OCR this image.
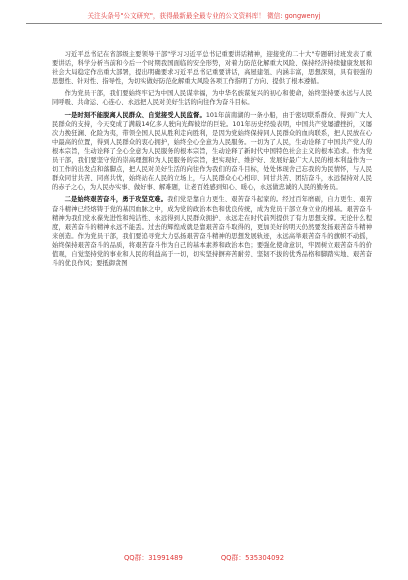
关注头条号"公文研究"，获得最新最全最专业的公文资料库！ 微信: gongwenyj

习近平总书记在省部级主要领导干部"学习习近平总书记重要讲话精神，迎接党的二十大"专题研讨班发表了重要讲话，科学分析当前和今后一个时期我国面临的安全形势，对着力防范化解重大风险、保持经济持续健康发展和社会大局稳定作出重大部署，提出明确要求习近平总书记重要讲话，高屋建瓴、内涵丰富，思想深刻，具有很强的思想性、针对性、指导性，为切实做好防范化解重大风险各项工作指明了方向、提供了根本遵循。

作为党员干部，我们要始终牢记为中国人民谋幸福，为中华名族谋复兴的初心和使命，始终坚持要永远与人民同呼吸、共命运、心连心、永远把人民对美好生活的向往作为奋斗目标。

一是时刻不能脱离人民群众、自觉接受人民监督。101年前南湖的一条小船，由于密切联系群众、得到广大人民群众的支持，今天变成了满载14亿多人驶向光辉彼岸的巨轮。101年历史经验表明，中国共产党屡遭挫折，又屡次力挽狂澜、化险为夷，带领全国人民从胜利走向胜利，是因为党始终保持同人民群众的血肉联系，把人民放在心中最高的位置，得到人民群众的衷心拥护，始终全心全意为人民服务。一切为了人民，生动诠释了中国共产党人的根本宗旨，生动诠释了全心全意为人民服务的根本宗旨，生动诠释了新时代中国特色社会主义的根本追求。作为党员干部，我们要坚守党的崇高理想和为人民服务的宗旨，把实现好、维护好、发展好最广大人民的根本利益作为一切工作的出发点和落脚点，把人民对美好生活的向往作为我们的奋斗目标，处处体现舍己忘我的为民情怀，与人民群众同甘共苦、同喜共忧，始终站在人民的立场上，与人民群众心心相印、同甘共苦、团结奋斗，永远保持对人民的赤子之心，为人民办实事、做好事、解难题，让老百姓感到知心、暖心，永远做忠诚的人民的勤务员。

二是始终艰苦奋斗，勇于攻坚克难。我们党是靠自力更生、艰苦奋斗起家的。经过百年磨砺，自力更生、艰苦奋斗精神已经熔铸于党的基因血脉之中，成为党的政治本色和优良传统，成为党员干部立身立业的根基。艰苦奋斗精神为我们党永葆先进性和纯洁性、永远得到人民群众拥护、永远走在时代前列提供了有力思想支撑。无论什么程度，艰苦奋斗的精神永远不能丢。过去的辉煌成就是靠艰苦奋斗取得的，更加美好的明天仍然要发扬艰苦奋斗精神来创造。作为党员干部，我们要追寻党大力弘扬艰苦奋斗精神的思想发展轨迹，永远高举艰苦奋斗的旗帜不动摇，始终保持艰苦奋斗的品质，将艰苦奋斗作为自己的基本素养和政治本色；要强化使命意识，牢固树立艰苦奋斗的价值观，自觉坚持党的事业和人民的利益高于一切，切实坚持摒弃苦耐劳、坚韧不拔的优秀品格和脚踏实地、艰苦奋斗的优良作风；要抵御贪图

QQ群：31991489	QQ群：535304092
